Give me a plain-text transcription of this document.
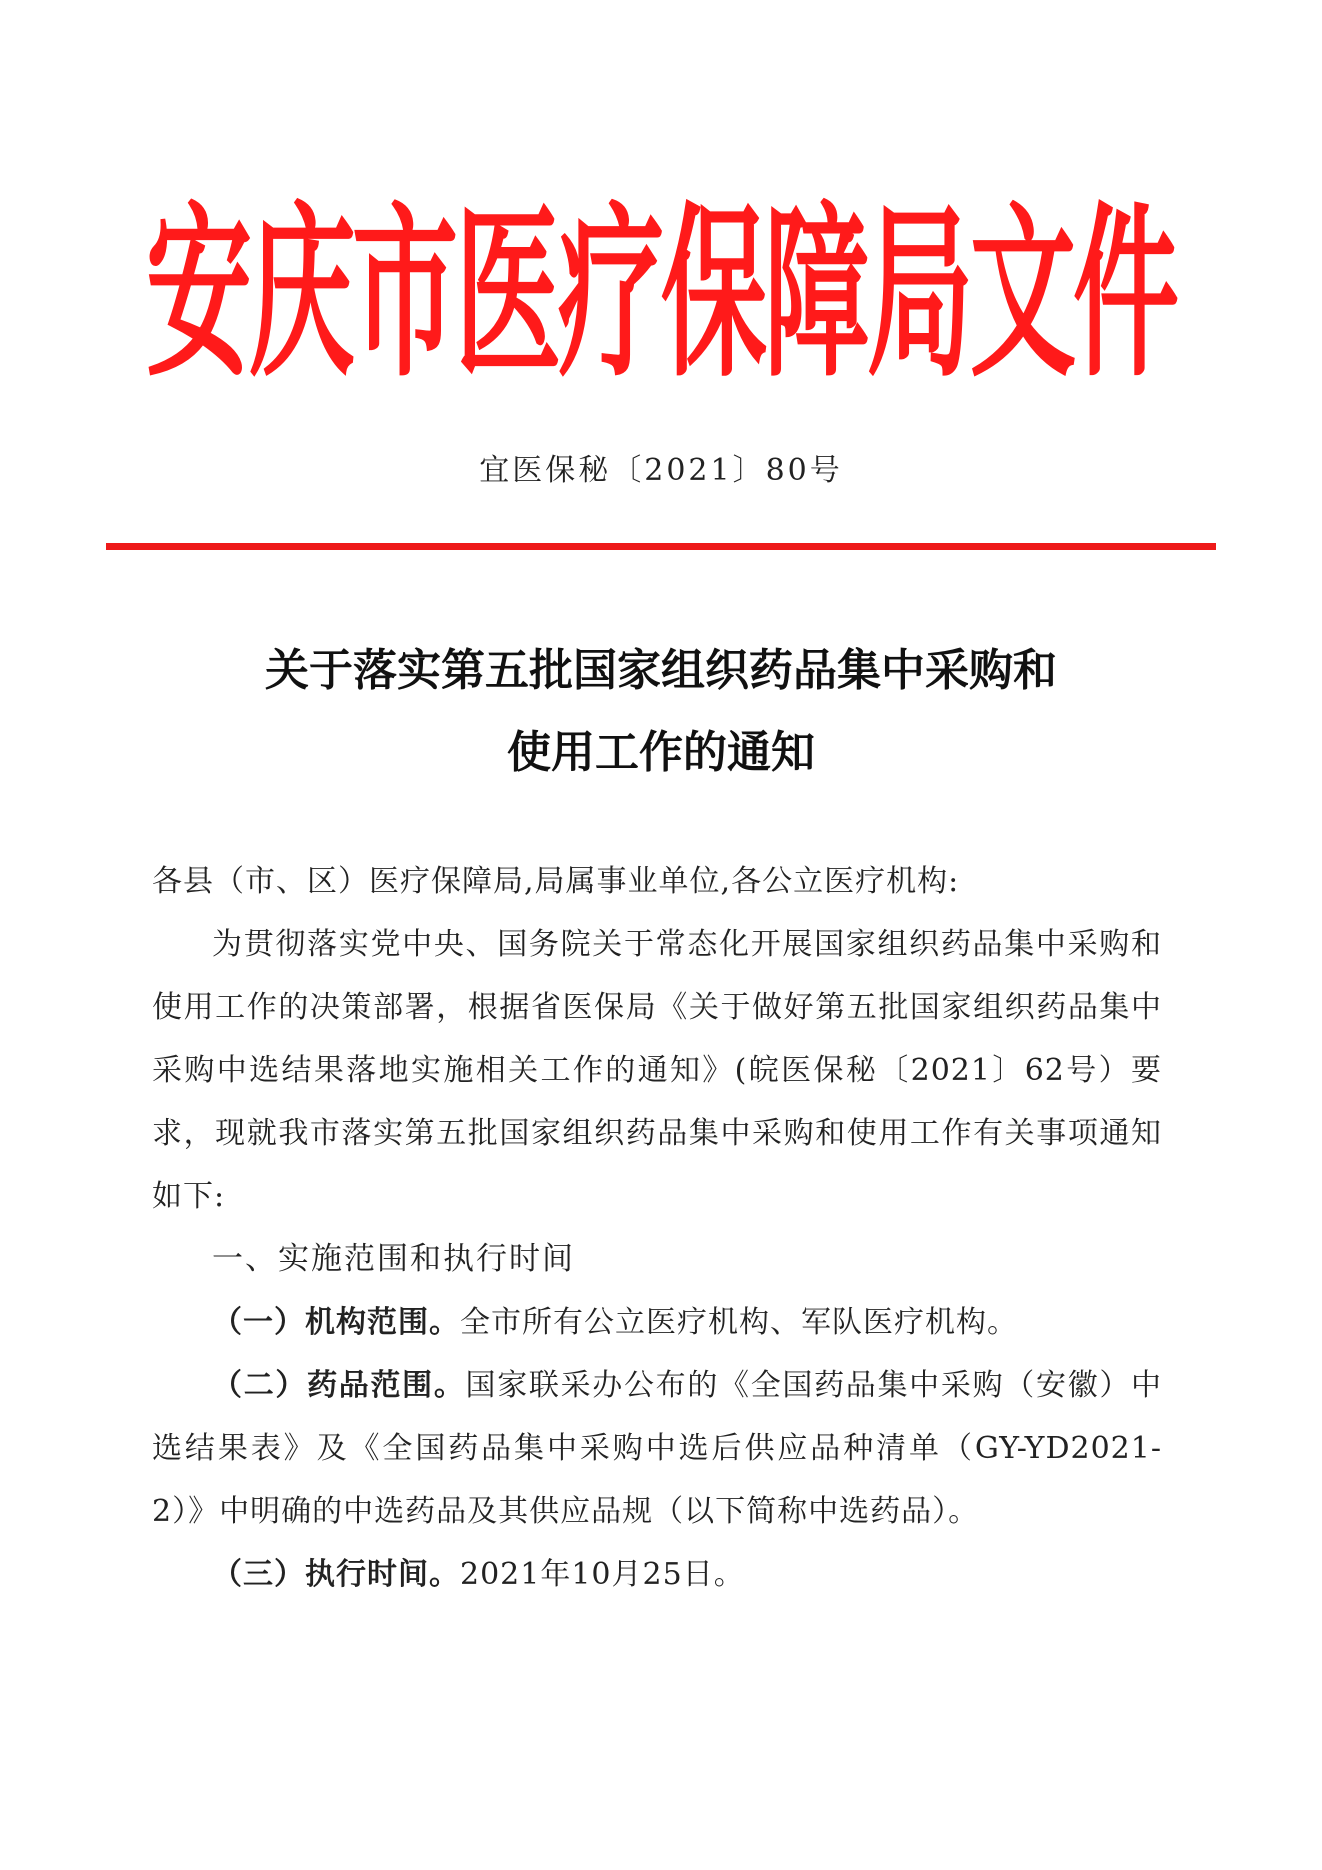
安庆市医疗保障局文件
宜医保秘〔2021〕80号
关于落实第五批国家组织药品集中采购和
使用工作的通知

各县（市、区）医疗保障局,局属事业单位,各公立医疗机构:

为贯彻落实党中央、国务院关于常态化开展国家组织药品集中采购和使用工作的决策部署，根据省医保局《关于做好第五批国家组织药品集中采购中选结果落地实施相关工作的通知》(皖医保秘〔2021〕62号）要求，现就我市落实第五批国家组织药品集中采购和使用工作有关事项通知如下:

一、实施范围和执行时间

（一）机构范围。全市所有公立医疗机构、军队医疗机构。

（二）药品范围。国家联采办公布的《全国药品集中采购（安徽）中选结果表》及《全国药品集中采购中选后供应品种清单（GY-YD2021-2）》中明确的中选药品及其供应品规（以下简称中选药品）。

（三）执行时间。2021年10月25日。
